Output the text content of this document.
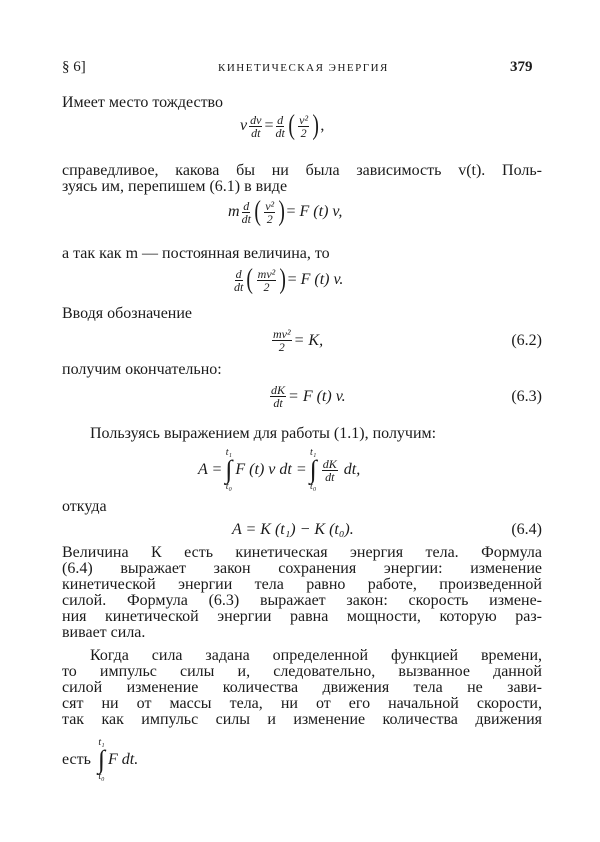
§ 6]	КИНЕТИЧЕСКАЯ ЭНЕРГИЯ	379
Имеет место тождество
v $\frac{dv}{dt} = \frac{d}{dt}$ ( $\frac{\text{v²}}{2}$ ) ,
справедливое, какова бы ни была зависимость v(t). Поль-
зуясь им, перепишем (6.1) в виде
m $\frac{d}{dt}$ ( $\frac{\text{v²}}{2}$ ) =
F (t) v,
а так как m — постоянная величина, то
$\frac{d}{dt}$ ( $\frac{\text{mv²}}{2}$ ) =
F (t) v.
Вводя обозначение
$\frac{\text{mv²}}{2} = K$,	(6.2)
получим окончательно:
$\frac{dK}{dt} = F$ (t) v.	(6.3)
Пользуясь выражением для работы (1.1), получим:
A =
t₁
∫
t₀
F (t) v dt =
t₁
∫
t₀
$\frac{dK}{dt}$
dt,
откуда
A = K (t₁) − K (t₀).	(6.4)
Величина К есть кинетическая энергия тела. Формула
(6.4) выражает закон сохранения энергии: изменение
кинетической энергии тела равно работе, произведенной
силой. Формула (6.3) выражает закон: скорость измене-
ния кинетической энергии равна мощности, которую раз-
вивает сила.
Когда сила задана определенной функцией времени,
то импульс силы и, следовательно, вызванное данной
силой изменение количества движения тела не зави-
сят ни от массы тела, ни от его начальной скорости,
так как импульс силы и изменение количества движения
есть

t₁
∫
t₀
F dt.
